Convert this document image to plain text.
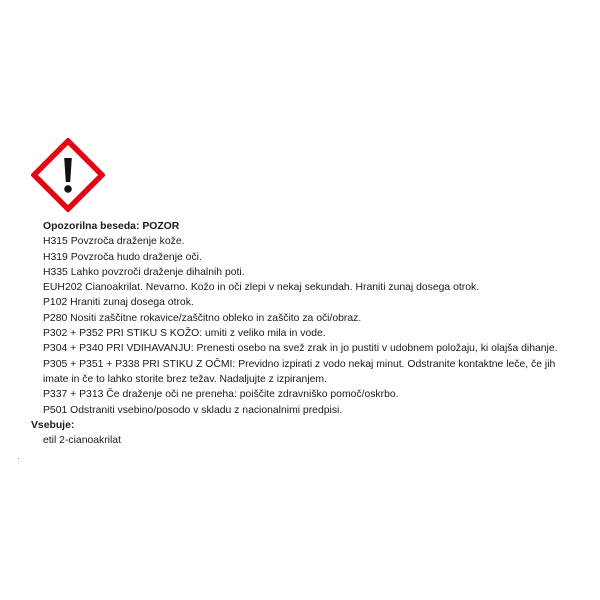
Opozorilna beseda: POZOR
H315 Povzroča draženje kože.
H319 Povzroča hudo draženje oči.
H335 Lahko povzroči draženje dihalnih poti.
EUH202 Cianoakrilat. Nevarno. Kožo in oči zlepi v nekaj sekundah. Hraniti zunaj dosega otrok.
P102 Hraniti zunaj dosega otrok.
P280 Nositi zaščitne rokavice/zaščitno obleko in zaščito za oči/obraz.
P302 + P352 PRI STIKU S KOŽO: umiti z veliko mila in vode.
P304 + P340 PRI VDIHAVANJU: Prenesti osebo na svež zrak in jo pustiti v udobnem položaju, ki olajša dihanje.
P305 + P351 + P338 PRI STIKU Z OČMI: Previdno izpirati z vodo nekaj minut. Odstranite kontaktne leče, če jih imate in če to lahko storite brez težav. Nadaljujte z izpiranjem.
P337 + P313 Če draženje oči ne preneha: poiščite zdravniško pomoč/oskrbo.
P501 Odstraniti vsebino/posodo v skladu z nacionalnimi predpisi.
Vsebuje:
etil 2-cianoakrilat
